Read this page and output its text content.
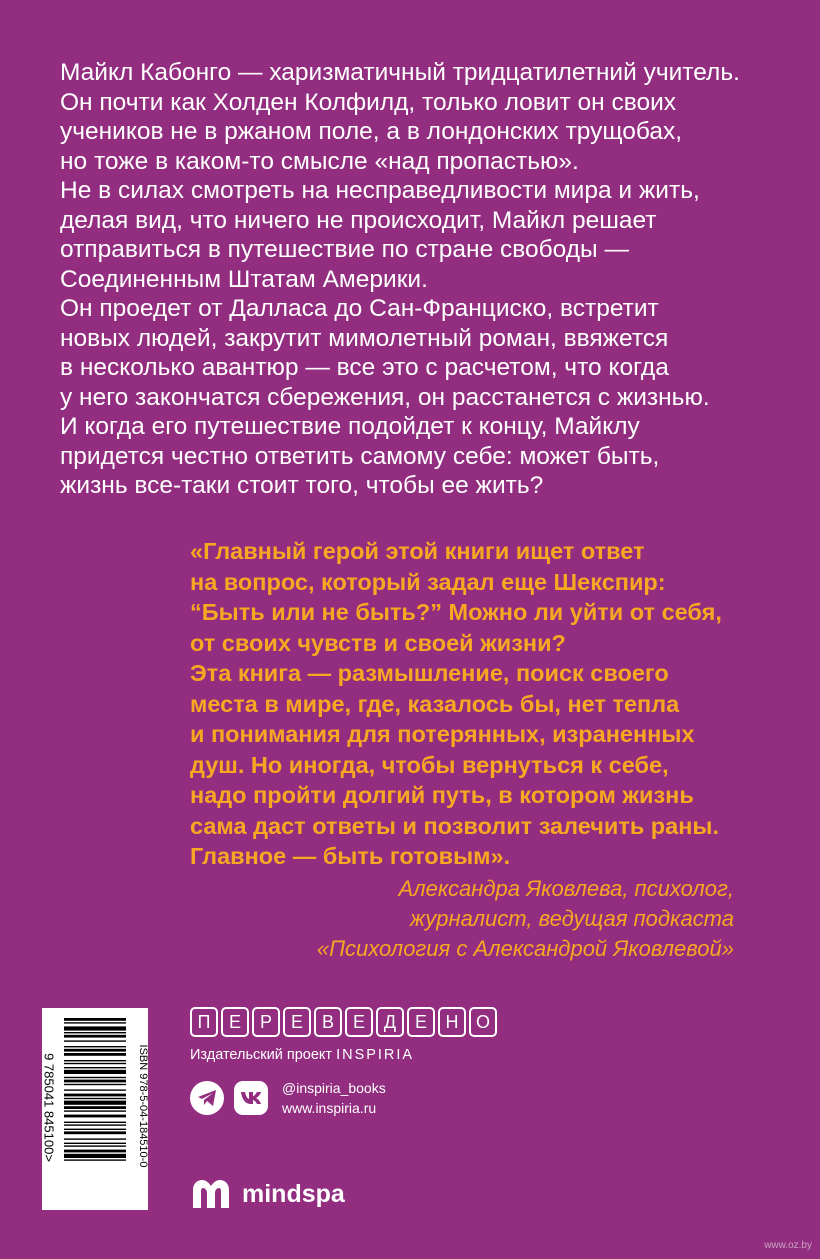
Майкл Кабонго — харизматичный тридцатилетний учитель.

Он почти как Холден Колфилд, только ловит он своих

учеников не в ржаном поле, а в лондонских трущобах,

но тоже в каком-то смысле «над пропастью».

Не в силах смотреть на несправедливости мира и жить,

делая вид, что ничего не происходит, Майкл решает

отправиться в путешествие по стране свободы —

Соединенным Штатам Америки.

Он проедет от Далласа до Сан-Франциско, встретит

новых людей, закрутит мимолетный роман, ввяжется

в несколько авантюр — все это с расчетом, что когда

у него закончатся сбережения, он расстанется с жизнью.

И когда его путешествие подойдет к концу, Майклу

придется честно ответить самому себе: может быть,

жизнь все-таки стоит того, чтобы ее жить?

«Главный герой этой книги ищет ответ

на вопрос, который задал еще Шекспир:

“Быть или не быть?” Можно ли уйти от себя,

от своих чувств и своей жизни?

Эта книга — размышление, поиск своего

места в мире, где, казалось бы, нет тепла

и понимания для потерянных, израненных

душ. Но иногда, чтобы вернуться к себе,

надо пройти долгий путь, в котором жизнь

сама даст ответы и позволит залечить раны.

Главное — быть готовым».

Александра Яковлева, психолог,

журналист, ведущая подкаста

«Психология с Александрой Яковлевой»

9 785041 845100>	ISBN 978-5-04-184510-0
П	Е	Р	Е	В	Е	Д	Е	Н О
Издательский проект INSPIRIA
@inspiria_books
www.inspiria.ru
mindspa
www.oz.by
